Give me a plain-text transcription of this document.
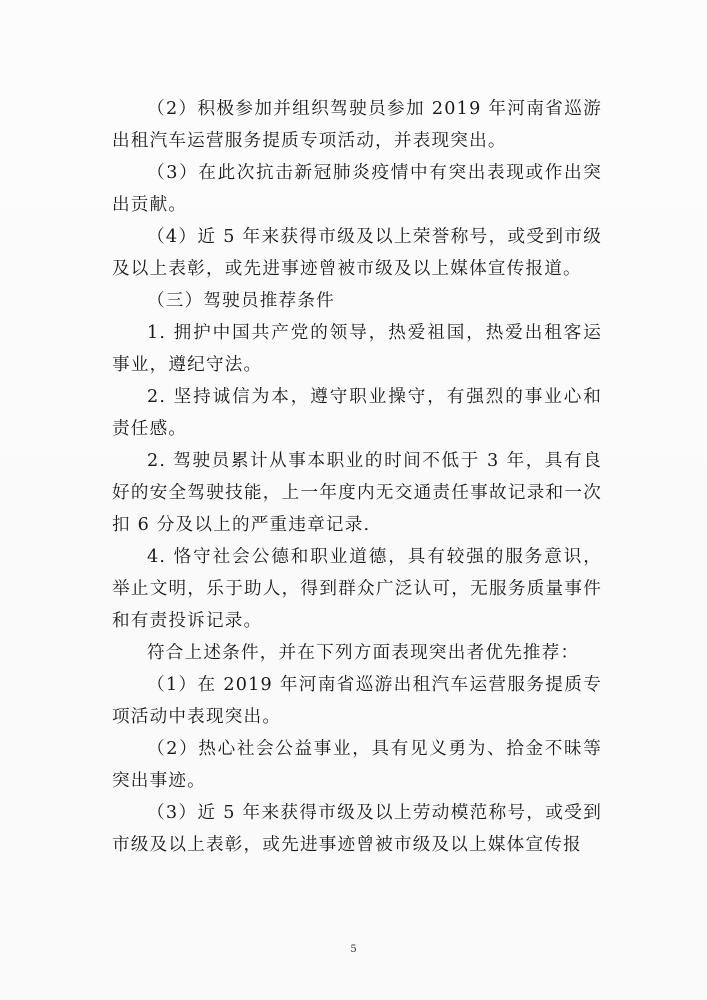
（2）积极参加并组织驾驶员参加 2019 年河南省巡游出租汽车运营服务提质专项活动，并表现突出。

（3）在此次抗击新冠肺炎疫情中有突出表现或作出突出贡献。

（4）近 5 年来获得市级及以上荣誉称号，或受到市级及以上表彰，或先进事迹曾被市级及以上媒体宣传报道。

（三）驾驶员推荐条件

1. 拥护中国共产党的领导，热爱祖国，热爱出租客运事业，遵纪守法。

2. 坚持诚信为本，遵守职业操守，有强烈的事业心和责任感。

2. 驾驶员累计从事本职业的时间不低于 3 年，具有良好的安全驾驶技能，上一年度内无交通责任事故记录和一次扣 6 分及以上的严重违章记录.

4. 恪守社会公德和职业道德，具有较强的服务意识，举止文明，乐于助人，得到群众广泛认可，无服务质量事件和有责投诉记录。

符合上述条件，并在下列方面表现突出者优先推荐：

（1）在 2019 年河南省巡游出租汽车运营服务提质专项活动中表现突出。

（2）热心社会公益事业，具有见义勇为、拾金不昧等突出事迹。

（3）近 5 年来获得市级及以上劳动模范称号，或受到市级及以上表彰，或先进事迹曾被市级及以上媒体宣传报

5
